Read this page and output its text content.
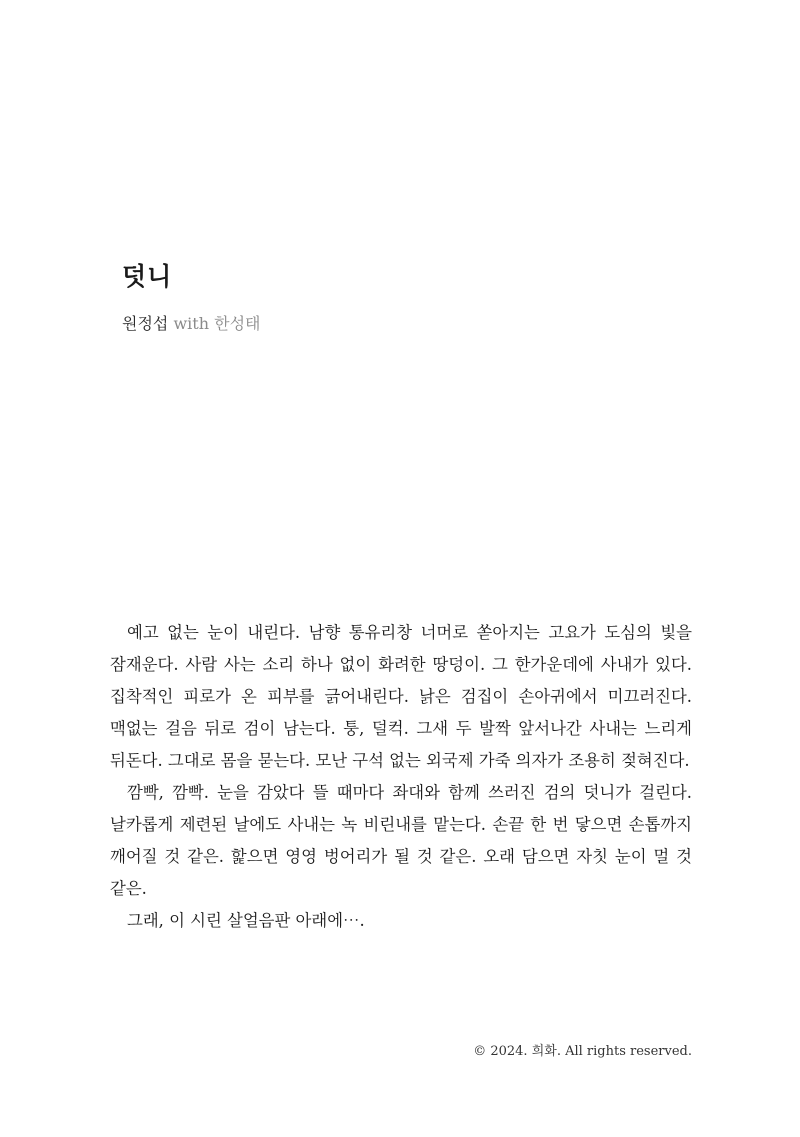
덧니
원정섭 with 한성태

예고 없는 눈이 내린다. 남향 통유리창 너머로 쏟아지는 고요가 도심의 빛을 잠재운다. 사람 사는 소리 하나 없이 화려한 땅덩이. 그 한가운데에 사내가 있다. 집착적인 피로가 온 피부를 긁어내린다. 낡은 검집이 손아귀에서 미끄러진다. 맥없는 걸음 뒤로 검이 남는다. 퉁, 덜컥. 그새 두 발짝 앞서나간 사내는 느리게 뒤돈다. 그대로 몸을 묻는다. 모난 구석 없는 외국제 가죽 의자가 조용히 젖혀진다.

깜빡, 깜빡. 눈을 감았다 뜰 때마다 좌대와 함께 쓰러진 검의 덧니가 걸린다. 날카롭게 제련된 날에도 사내는 녹 비린내를 맡는다. 손끝 한 번 닿으면 손톱까지 깨어질 것 같은. 핥으면 영영 벙어리가 될 것 같은. 오래 담으면 자칫 눈이 멀 것 같은.

그래, 이 시린 살얼음판 아래에⋯.

© 2024. 희화. All rights reserved.
